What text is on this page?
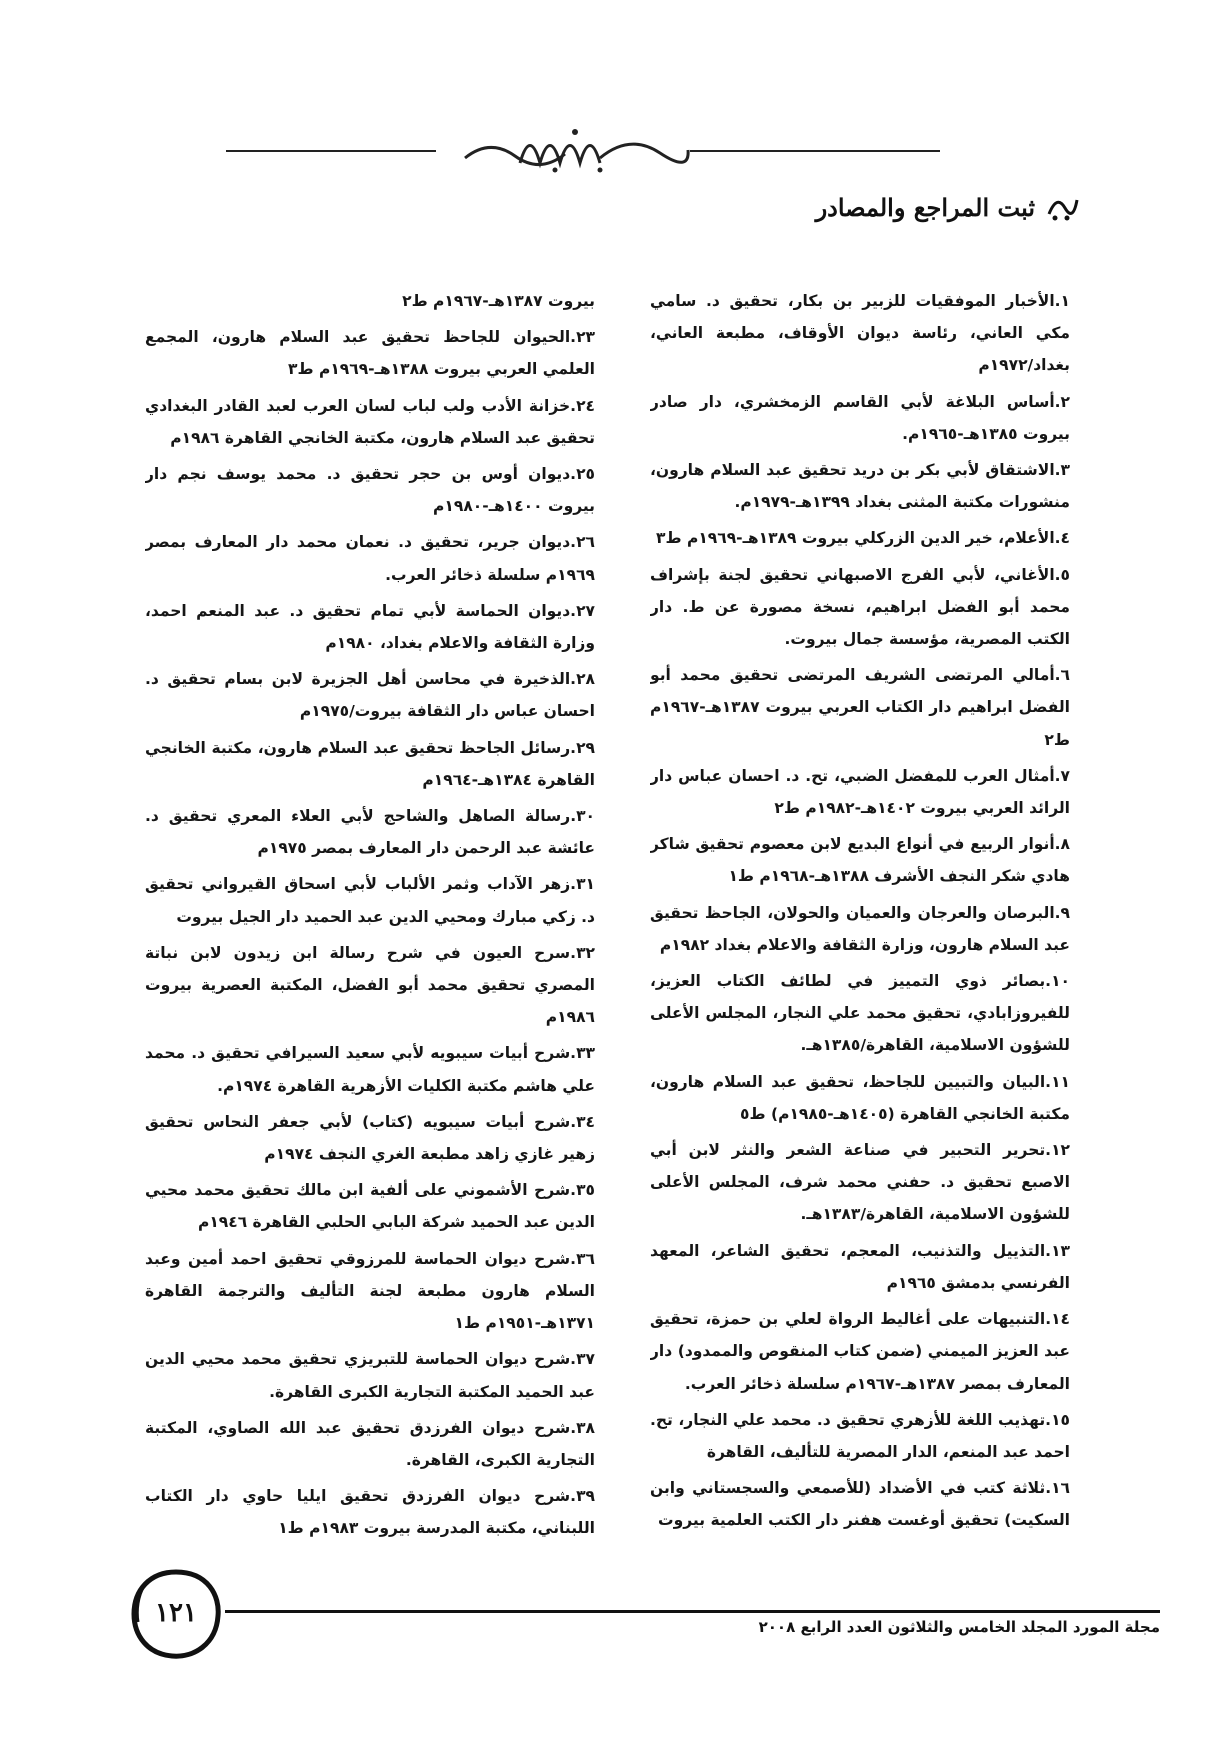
ثبت المراجع والمصادر

١.الأخبار الموفقيات للزبير بن بكار، تحقيق د. سامي مكي العاني، رئاسة ديوان الأوقاف، مطبعة العاني، بغداد/١٩٧٢م

٢.أساس البلاغة لأبي القاسم الزمخشري، دار صادر بيروت ١٣٨٥هـ-١٩٦٥م.

٣.الاشتقاق لأبي بكر بن دريد تحقيق عبد السلام هارون، منشورات مكتبة المثنى بغداد ١٣٩٩هـ-١٩٧٩م.

٤.الأعلام، خير الدين الزركلي بيروت ١٣٨٩هـ-١٩٦٩م ط٣

٥.الأغاني، لأبي الفرج الاصبهاني تحقيق لجنة بإشراف محمد أبو الفضل ابراهيم، نسخة مصورة عن ط. دار الكتب المصرية، مؤسسة جمال بيروت.

٦.أمالي المرتضى الشريف المرتضى تحقيق محمد أبو الفضل ابراهيم دار الكتاب العربي بيروت ١٣٨٧هـ-١٩٦٧م ط٢

٧.أمثال العرب للمفضل الضبي، تح. د. احسان عباس دار الرائد العربي بيروت ١٤٠٢هـ-١٩٨٢م ط٢

٨.أنوار الربيع في أنواع البديع لابن معصوم تحقيق شاكر هادي شكر النجف الأشرف ١٣٨٨هـ-١٩٦٨م ط١

٩.البرصان والعرجان والعميان والحولان، الجاحظ تحقيق عبد السلام هارون، وزارة الثقافة والاعلام بغداد ١٩٨٢م

١٠.بصائر ذوي التمييز في لطائف الكتاب العزيز، للفيروزابادي، تحقيق محمد علي النجار، المجلس الأعلى للشؤون الاسلامية، القاهرة/١٣٨٥هـ.

١١.البيان والتبيين للجاحظ، تحقيق عبد السلام هارون، مكتبة الخانجي القاهرة (١٤٠٥هـ-١٩٨٥م) ط٥

١٢.تحرير التحبير في صناعة الشعر والنثر لابن أبي الاصبع تحقيق د. حفني محمد شرف، المجلس الأعلى للشؤون الاسلامية، القاهرة/١٣٨٣هـ.

١٣.التذييل والتذنيب، المعجم، تحقيق الشاعر، المعهد الفرنسي بدمشق ١٩٦٥م

١٤.التنبيهات على أغاليط الرواة لعلي بن حمزة، تحقيق عبد العزيز الميمني (ضمن كتاب المنقوص والممدود) دار المعارف بمصر ١٣٨٧هـ-١٩٦٧م سلسلة ذخائر العرب.

١٥.تهذيب اللغة للأزهري تحقيق د. محمد علي النجار، تح. احمد عبد المنعم، الدار المصرية للتأليف، القاهرة

١٦.ثلاثة كتب في الأضداد (للأصمعي والسجستاني وابن السكيت) تحقيق أوغست هفنر دار الكتب العلمية بيروت

بيروت ١٣٨٧هـ-١٩٦٧م ط٢

٢٣.الحيوان للجاحظ تحقيق عبد السلام هارون، المجمع العلمي العربي بيروت ١٣٨٨هـ-١٩٦٩م ط٣

٢٤.خزانة الأدب ولب لباب لسان العرب لعبد القادر البغدادي تحقيق عبد السلام هارون، مكتبة الخانجي القاهرة ١٩٨٦م

٢٥.ديوان أوس بن حجر تحقيق د. محمد يوسف نجم دار بيروت ١٤٠٠هـ-١٩٨٠م

٢٦.ديوان جرير، تحقيق د. نعمان محمد دار المعارف بمصر ١٩٦٩م سلسلة ذخائر العرب.

٢٧.ديوان الحماسة لأبي تمام تحقيق د. عبد المنعم احمد، وزارة الثقافة والاعلام بغداد، ١٩٨٠م

٢٨.الذخيرة في محاسن أهل الجزيرة لابن بسام تحقيق د. احسان عباس دار الثقافة بيروت/١٩٧٥م

٢٩.رسائل الجاحظ تحقيق عبد السلام هارون، مكتبة الخانجي القاهرة ١٣٨٤هـ-١٩٦٤م

٣٠.رسالة الصاهل والشاحج لأبي العلاء المعري تحقيق د. عائشة عبد الرحمن دار المعارف بمصر ١٩٧٥م

٣١.زهر الآداب وثمر الألباب لأبي اسحاق القيرواني تحقيق د. زكي مبارك ومحيي الدين عبد الحميد دار الجيل بيروت

٣٢.سرح العيون في شرح رسالة ابن زيدون لابن نباتة المصري تحقيق محمد أبو الفضل، المكتبة العصرية بيروت ١٩٨٦م

٣٣.شرح أبيات سيبويه لأبي سعيد السيرافي تحقيق د. محمد علي هاشم مكتبة الكليات الأزهرية القاهرة ١٩٧٤م.

٣٤.شرح أبيات سيبويه (كتاب) لأبي جعفر النحاس تحقيق زهير غازي زاهد مطبعة الغري النجف ١٩٧٤م

٣٥.شرح الأشموني على ألفية ابن مالك تحقيق محمد محيي الدين عبد الحميد شركة البابي الحلبي القاهرة ١٩٤٦م

٣٦.شرح ديوان الحماسة للمرزوقي تحقيق احمد أمين وعبد السلام هارون مطبعة لجنة التأليف والترجمة القاهرة ١٣٧١هـ-١٩٥١م ط١

٣٧.شرح ديوان الحماسة للتبريزي تحقيق محمد محيي الدين عبد الحميد المكتبة التجارية الكبرى القاهرة.

٣٨.شرح ديوان الفرزدق تحقيق عبد الله الصاوي، المكتبة التجارية الكبرى، القاهرة.

٣٩.شرح ديوان الفرزدق تحقيق ايليا حاوي دار الكتاب اللبناني، مكتبة المدرسة بيروت ١٩٨٣م ط١

١٢١	مجلة المورد المجلد الخامس والثلاثون العدد الرابع ٢٠٠٨
